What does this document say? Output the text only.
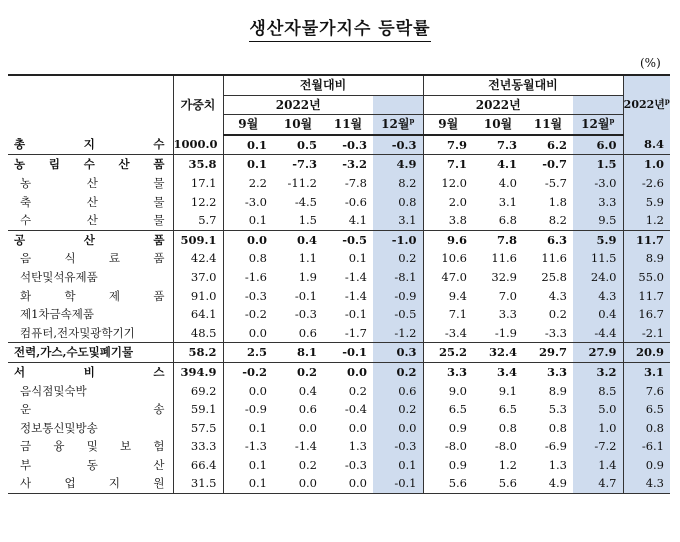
생산자물가지수 등락률
(%)
	가중치	전월대비				전년동월대비				2022년$^p$
		2022년				2022년				
		9월	10월	11월	12월$^p$	9월	10월	11월	12월$^p$
총 지 수	1000.0	0.1	0.5	-0.3	-0.3	7.9	7.3	6.2	6.0	8.4
농 림 수 산 품	35.8	0.1	-7.3	-3.2	4.9	7.1	4.1	-0.7	1.5	1.0
농 산 물	17.1	2.2	-11.2	-7.8	8.2	12.0	4.0	-5.7	-3.0	-2.6
축 산 물	12.2	-3.0	-4.5	-0.6	0.8	2.0	3.1	1.8	3.3	5.9
수 산 물	5.7	0.1	1.5	4.1	3.1	3.8	6.8	8.2	9.5	1.2
공 산 품	509.1	0.0	0.4	-0.5	-1.0	9.6	7.8	6.3	5.9	11.7
음 식 료 품	42.4	0.8	1.1	0.1	0.2	10.6	11.6	11.6	11.5	8.9
석탄및석유제품	37.0	-1.6	1.9	-1.4	-8.1	47.0	32.9	25.8	24.0	55.0
화 학 제 품	91.0	-0.3	-0.1	-1.4	-0.9	9.4	7.0	4.3	4.3	11.7
제1차금속제품	64.1	-0.2	-0.3	-0.1	-0.5	7.1	3.3	0.2	0.4	16.7
컴퓨터,전자및광학기기	48.5	0.0	0.6	-1.7	-1.2	-3.4	-1.9	-3.3	-4.4	-2.1
전력,가스,수도및폐기물	58.2	2.5	8.1	-0.1	0.3	25.2	32.4	29.7	27.9	20.9
서 비 스	394.9	-0.2	0.2	0.0	0.2	3.3	3.4	3.3	3.2	3.1
음식점및숙박	69.2	0.0	0.4	0.2	0.6	9.0	9.1	8.9	8.5	7.6
운 송	59.1	-0.9	0.6	-0.4	0.2	6.5	6.5	5.3	5.0	6.5
정보통신및방송	57.5	0.1	0.0	0.0	0.0	0.9	0.8	0.8	1.0	0.8
금 융 및 보 험	33.3	-1.3	-1.4	1.3	-0.3	-8.0	-8.0	-6.9	-7.2	-6.1
부 동 산	66.4	0.1	0.2	-0.3	0.1	0.9	1.2	1.3	1.4	0.9
사 업 지 원	31.5	0.1	0.0	0.0	-0.1	5.6	5.6	4.9	4.7	4.3
